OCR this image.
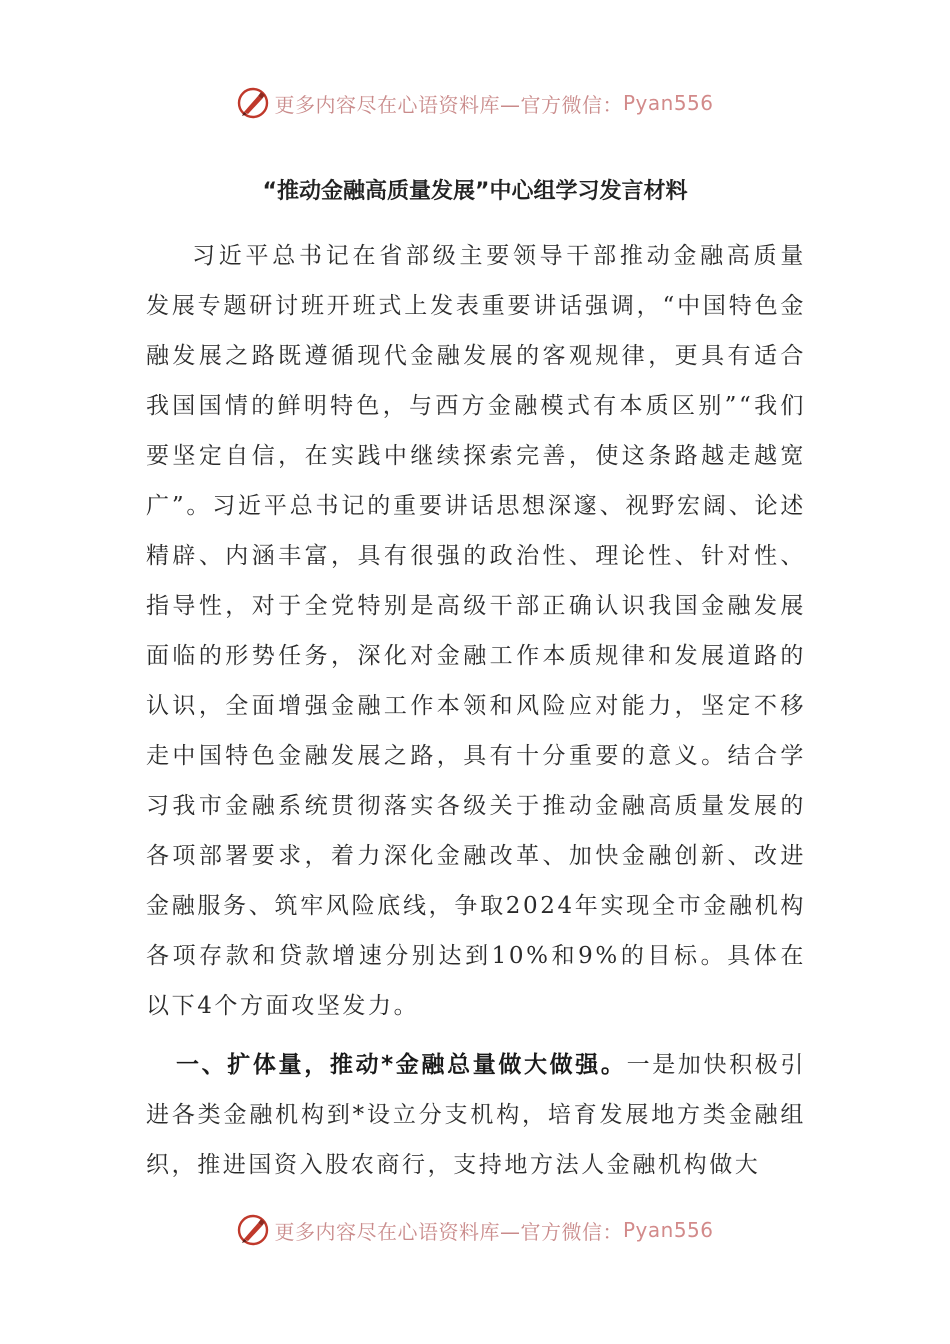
更多内容尽在心语资料库—官方微信： Pyan556
“推动金融高质量发展”中心组学习发言材料

习近平总书记在省部级主要领导干部推动金融高质量发展专题研讨班开班式上发表重要讲话强调，“中国特色金融发展之路既遵循现代金融发展的客观规律，更具有适合我国国情的鲜明特色，与西方金融模式有本质区别”“我们要坚定自信，在实践中继续探索完善，使这条路越走越宽广”。习近平总书记的重要讲话思想深邃、视野宏阔、论述精辟、内涵丰富，具有很强的政治性、理论性、针对性、指导性，对于全党特别是高级干部正确认识我国金融发展面临的形势任务，深化对金融工作本质规律和发展道路的认识，全面增强金融工作本领和风险应对能力，坚定不移走中国特色金融发展之路，具有十分重要的意义。结合学习我市金融系统贯彻落实各级关于推动金融高质量发展的各项部署要求，着力深化金融改革、加快金融创新、改进金融服务、筑牢风险底线，争取2024年实现全市金融机构各项存款和贷款增速分别达到10%和9%的目标。具体在以下4个方面攻坚发力。

一、扩体量，推动*金融总量做大做强。一是加快积极引进各类金融机构到*设立分支机构，培育发展地方类金融组织，推进国资入股农商行，支持地方法人金融机构做大

更多内容尽在心语资料库—官方微信： Pyan556
